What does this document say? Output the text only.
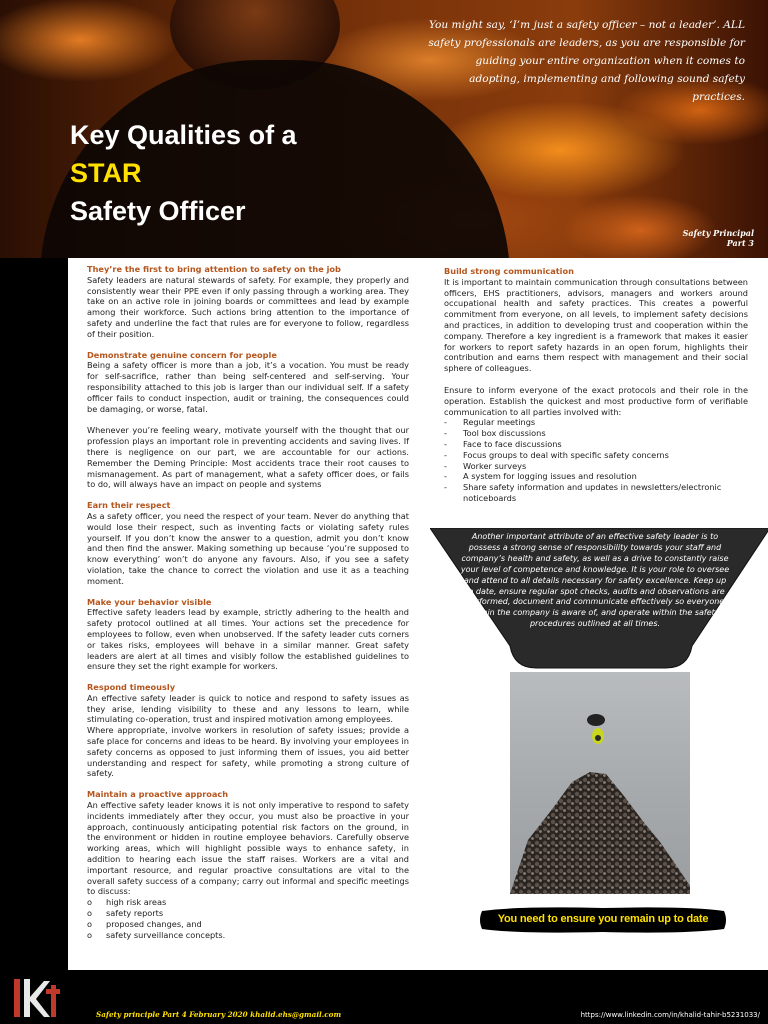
You might say, ‘I’m just a safety officer – not a leader’. ALL safety professionals are leaders, as you are responsible for guiding your entire organization when it comes to adopting, implementing and following sound safety practices.
Key Qualities of a
STAR
Safety Officer
Safety Principal
Part 3
They’re the first to bring attention to safety on the job

Safety leaders are natural stewards of safety. For example, they properly and consistently wear their PPE even if only passing through a working area. They take on an active role in joining boards or committees and lead by example among their workforce. Such actions bring attention to the importance of safety and underline the fact that rules are for everyone to follow, regardless of their position.

Demonstrate genuine concern for people

Being a safety officer is more than a job, it’s a vocation. You must be ready for self-sacrifice, rather than being self-centered and self-serving. Your responsibility attached to this job is larger than our individual self. If a safety officer fails to conduct inspection, audit or training, the consequences could be damaging, or worse, fatal.

Whenever you’re feeling weary, motivate yourself with the thought that our profession plays an important role in preventing accidents and saving lives. If there is negligence on our part, we are accountable for our actions. Remember the Deming Principle: Most accidents trace their root causes to mismanagement. As part of management, what a safety officer does, or fails to do, will always have an impact on people and systems

Earn their respect

As a safety officer, you need the respect of your team. Never do anything that would lose their respect, such as inventing facts or violating safety rules yourself. If you don’t know the answer to a question, admit you don’t know and then find the answer. Making something up because ‘you’re supposed to know everything’ won’t do anyone any favours. Also, if you see a safety violation, take the chance to correct the violation and use it as a teaching moment.

Make your behavior visible

Effective safety leaders lead by example, strictly adhering to the health and safety protocol outlined at all times. Your actions set the precedence for employees to follow, even when unobserved. If the safety leader cuts corners or takes risks, employees will behave in a similar manner. Great safety leaders are alert at all times and visibly follow the established guidelines to ensure they set the right example for workers.

Respond timeously

An effective safety leader is quick to notice and respond to safety issues as they arise, lending visibility to these and any lessons to learn, while stimulating co-operation, trust and inspired motivation among employees.

Where appropriate, involve workers in resolution of safety issues; provide a safe place for concerns and ideas to be heard. By involving your employees in safety concerns as opposed to just informing them of issues, you aid better understanding and respect for safety, while promoting a strong culture of safety.

Maintain a proactive approach

An effective safety leader knows it is not only imperative to respond to safety incidents immediately after they occur, you must also be proactive in your approach, continuously anticipating potential risk factors on the ground, in the environment or hidden in routine employee behaviors. Carefully observe working areas, which will highlight possible ways to enhance safety, in addition to hearing each issue the staff raises. Workers are a vital and important resource, and regular proactive consultations are vital to the overall safety success of a company; carry out informal and specific meetings to discuss:

o high risk areas
o safety reports
o proposed changes, and
o safety surveillance concepts.
Build strong communication

It is important to maintain communication through consultations between officers, EHS practitioners, advisors, managers and workers around occupational health and safety practices. This creates a powerful commitment from everyone, on all levels, to implement safety decisions and practices, in addition to developing trust and cooperation within the company. Therefore a key ingredient is a framework that makes it easier for workers to report safety hazards in an open forum, highlights their contribution and earns them respect with management and their social sphere of colleagues.

Ensure to inform everyone of the exact protocols and their role in the operation. Establish the quickest and most productive form of verifiable communication to all parties involved with:

- Regular meetings
- Tool box discussions
- Face to face discussions
- Focus groups to deal with specific safety concerns
- Worker surveys
- A system for logging issues and resolution
- Share safety information and updates in newsletters/electronic noticeboards
Another important attribute of an effective safety leader is to possess a strong sense of responsibility towards your staff and company’s health and safety, as well as a drive to constantly raise your level of competence and knowledge. It is your role to oversee and attend to all details necessary for safety excellence. Keep up to date, ensure regular spot checks, audits and observations are performed, document and communicate effectively so everyone within the company is aware of, and operate within the safety procedures outlined at all times.
You need to ensure you remain up to date
Safety principle Part 4 February 2020 khalid.ehs@gmail.com	https://www.linkedin.com/in/khalid-tahir-b5231033/
